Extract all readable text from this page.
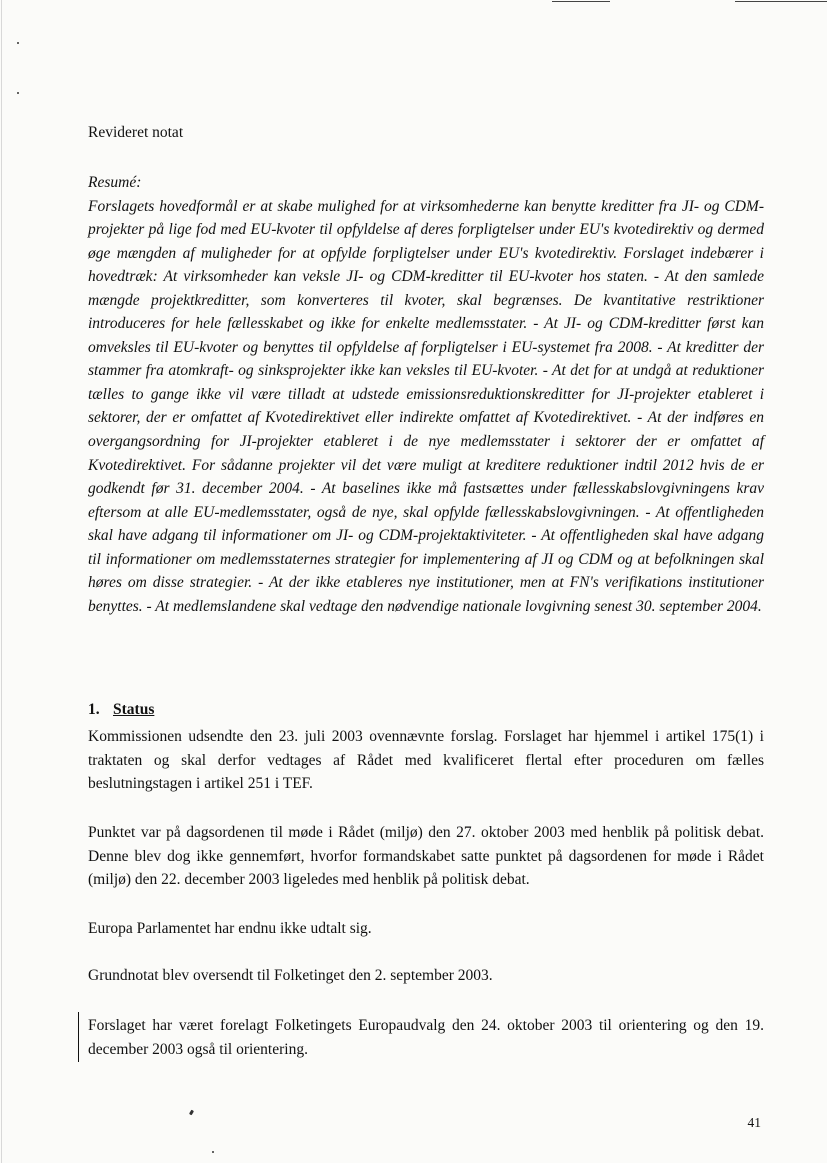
Revideret notat

Resumé:

Forslagets hovedformål er at skabe mulighed for at virksomhederne kan benytte kreditter fra JI- og CDM-projekter på lige fod med EU-kvoter til opfyldelse af deres forpligtelser under EU's kvotedirektiv og dermed øge mængden af muligheder for at opfylde forpligtelser under EU's kvotedirektiv. Forslaget indebærer i hovedtræk: At virksomheder kan veksle JI- og CDM-kreditter til EU-kvoter hos staten. - At den samlede mængde projektkreditter, som konverteres til kvoter, skal begrænses. De kvantitative restriktioner introduceres for hele fællesskabet og ikke for enkelte medlemsstater. - At JI- og CDM-kreditter først kan omveksles til EU-kvoter og benyttes til opfyldelse af forpligtelser i EU-systemet fra 2008. - At kreditter der stammer fra atomkraft- og sinksprojekter ikke kan veksles til EU-kvoter. - At det for at undgå at reduktioner tælles to gange ikke vil være tilladt at udstede emissionsreduktionskreditter for JI-projekter etableret i sektorer, der er omfattet af Kvotedirektivet eller indirekte omfattet af Kvotedirektivet. - At der indføres en overgangsordning for JI-projekter etableret i de nye medlemsstater i sektorer der er omfattet af Kvotedirektivet. For sådanne projekter vil det være muligt at kreditere reduktioner indtil 2012 hvis de er godkendt før 31. december 2004. - At baselines ikke må fastsættes under fællesskabslovgivningens krav eftersom at alle EU-medlemsstater, også de nye, skal opfylde fællesskabslovgivningen. - At offentligheden skal have adgang til informationer om JI- og CDM-projektaktiviteter. - At offentligheden skal have adgang til informationer om medlemsstaternes strategier for implementering af JI og CDM og at befolkningen skal høres om disse strategier. - At der ikke etableres nye institutioner, men at FN's verifikations institutioner benyttes. - At medlemslandene skal vedtage den nødvendige nationale lovgivning senest 30. september 2004.

1. Status

Kommissionen udsendte den 23. juli 2003 ovennævnte forslag. Forslaget har hjemmel i artikel 175(1) i traktaten og skal derfor vedtages af Rådet med kvalificeret flertal efter proceduren om fælles beslutningstagen i artikel 251 i TEF.

Punktet var på dagsordenen til møde i Rådet (miljø) den 27. oktober 2003 med henblik på politisk debat. Denne blev dog ikke gennemført, hvorfor formandskabet satte punktet på dagsordenen for møde i Rådet (miljø) den 22. december 2003 ligeledes med henblik på politisk debat.

Europa Parlamentet har endnu ikke udtalt sig.

Grundnotat blev oversendt til Folketinget den 2. september 2003.

Forslaget har været forelagt Folketingets Europaudvalg den 24. oktober 2003 til orientering og den 19. december 2003 også til orientering.

41
